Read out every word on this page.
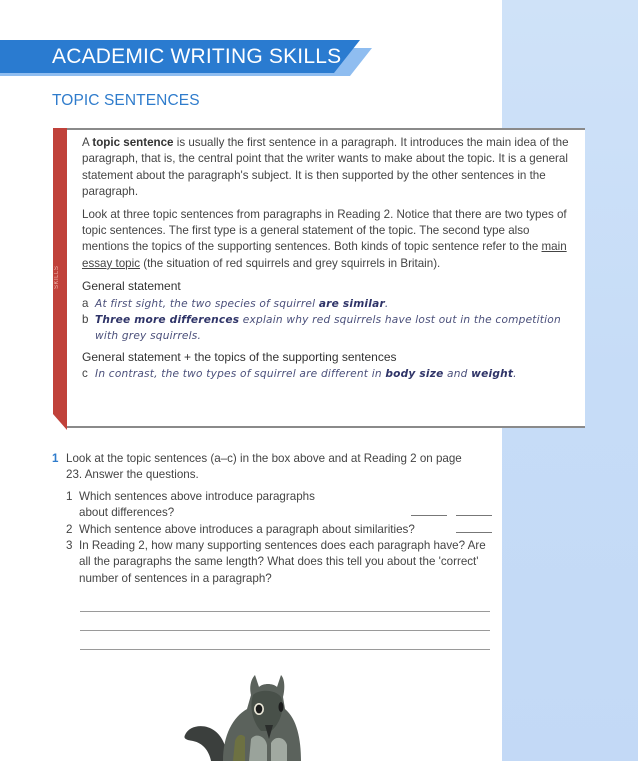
ACADEMIC WRITING SKILLS
TOPIC SENTENCES
SKILLS

A topic sentence is usually the first sentence in a paragraph. It introduces the main idea of the paragraph, that is, the central point that the writer wants to make about the topic. It is a general statement about the paragraph's subject. It is then supported by the other sentences in the paragraph.

Look at three topic sentences from paragraphs in Reading 2. Notice that there are two types of topic sentences. The first type is a general statement of the topic. The second type also mentions the topics of the supporting sentences. Both kinds of topic sentence refer to the main essay topic (the situation of red squirrels and grey squirrels in Britain).

General statement
a At first sight, the two species of squirrel are similar.
b Three more differences explain why red squirrels have lost out in the competition with grey squirrels.
General statement + the topics of the supporting sentences
c In contrast, the two types of squirrel are different in body size and weight.
1 Look at the topic sentences (a–c) in the box above and at Reading 2 on page 23. Answer the questions.
1 Which sentences above introduce paragraphs
about differences?

2 Which sentence above introduces a paragraph about similarities?
3 In Reading 2, how many supporting sentences does each paragraph have? Are all the paragraphs the same length? What does this tell you about the 'correct' number of sentences in a paragraph?
